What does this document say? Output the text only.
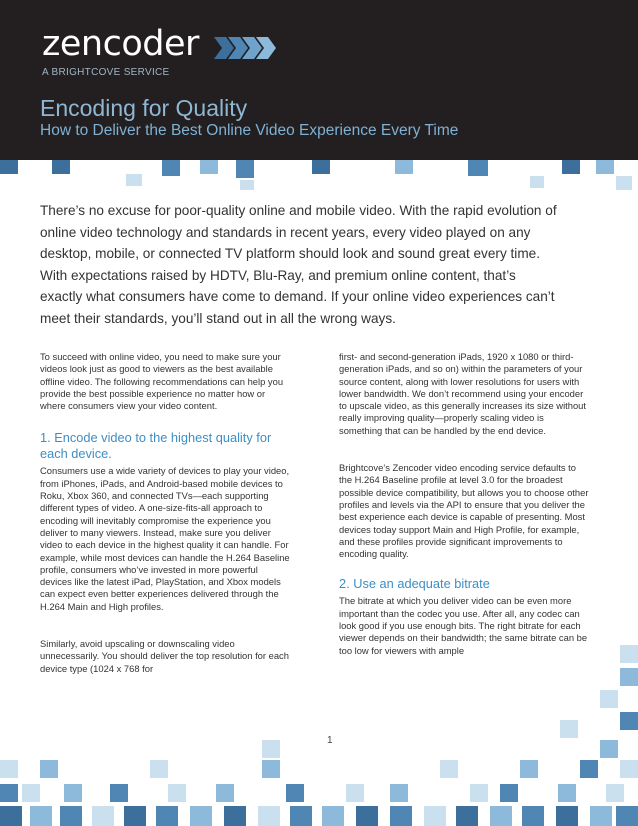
zencoder
A BRIGHTCOVE SERVICE
Encoding for Quality
How to Deliver the Best Online Video Experience Every Time
There’s no excuse for poor-quality online and mobile video. With the rapid evolution of online video technology and standards in recent years, every video played on any desktop, mobile, or connected TV platform should look and sound great every time. With expectations raised by HDTV, Blu-Ray, and premium online content, that’s exactly what consumers have come to demand. If your online video experiences can’t meet their standards, you’ll stand out in all the wrong ways.

To succeed with online video, you need to make sure your videos look just as good to viewers as the best available offline video. The following recommendations can help you provide the best possible experience no matter how or where consumers view your video content.

1. Encode video to the highest quality for each device.

Consumers use a wide variety of devices to play your video, from iPhones, iPads, and Android-based mobile devices to Roku, Xbox 360, and connected TVs—each supporting different types of video. A one-size-fits-all approach to encoding will inevitably compromise the experience you deliver to many viewers. Instead, make sure you deliver video to each device in the highest quality it can handle. For example, while most devices can handle the H.264 Baseline profile, consumers who’ve invested in more powerful devices like the latest iPad, PlayStation, and Xbox models can expect even better experiences delivered through the H.264 Main and High profiles.

Similarly, avoid upscaling or downscaling video unnecessarily. You should deliver the top resolution for each device type (1024 x 768 for

first- and second-generation iPads, 1920 x 1080 or third-generation iPads, and so on) within the parameters of your source content, along with lower resolutions for users with lower bandwidth. We don’t recommend using your encoder to upscale video, as this generally increases its size without really improving quality—properly scaling video is something that can be handled by the end device.

Brightcove’s Zencoder video encoding service defaults to the H.264 Baseline profile at level 3.0 for the broadest possible device compatibility, but allows you to choose other profiles and levels via the API to ensure that you deliver the best experience each device is capable of presenting. Most devices today support Main and High Profile, for example, and these profiles provide significant improvements to encoding quality.

2. Use an adequate bitrate

The bitrate at which you deliver video can be even more important than the codec you use. After all, any codec can look good if you use enough bits. The right bitrate for each viewer depends on their bandwidth; the same bitrate can be too low for viewers with ample

1
